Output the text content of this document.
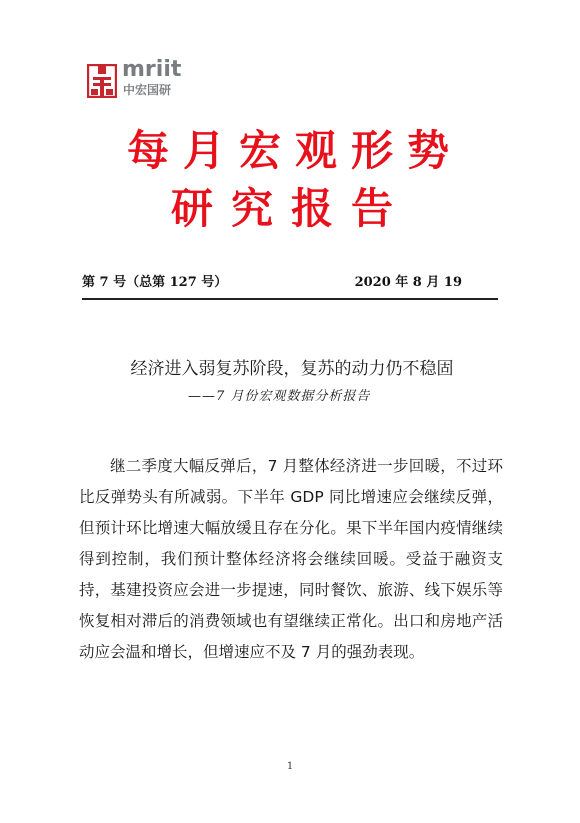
mriit
中宏国研
每月宏观形势
研究报告
第 7 号（总第 127 号）	2020 年 8 月 19
经济进入弱复苏阶段，复苏的动力仍不稳固
——7 月份宏观数据分析报告

继二季度大幅反弹后，7 月整体经济进一步回暖，不过环比反弹势头有所减弱。下半年 GDP 同比增速应会继续反弹，但预计环比增速大幅放缓且存在分化。果下半年国内疫情继续得到控制，我们预计整体经济将会继续回暖。受益于融资支持，基建投资应会进一步提速，同时餐饮、旅游、线下娱乐等恢复相对滞后的消费领域也有望继续正常化。出口和房地产活动应会温和增长，但增速应不及 7 月的强劲表现。

1
